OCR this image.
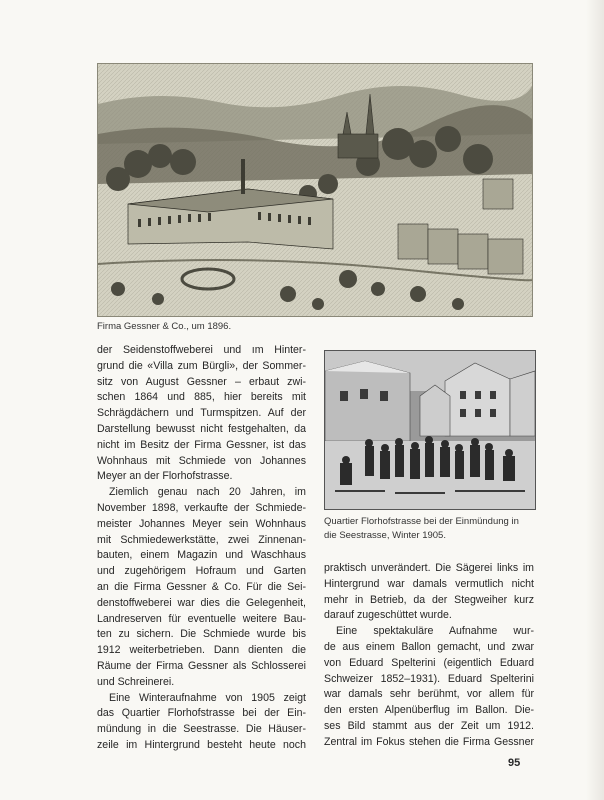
Firma Gessner & Co., um 1896.
Quartier Florhofstrasse bei der Einmündung in
die Seestrasse, Winter 1905.
der Seidenstoffweberei und ım Hinter-
grund die «Villa zum Bürgli», der Sommer-
sitz von August Gessner – erbaut zwi-
schen 1864 und 885, hier bereits mit
Schrägdächern und Turmspitzen. Auf der
Darstellung bewusst nicht festgehalten, da
nicht im Besitz der Firma Gessner, ist das
Wohnhaus mit Schmiede von Johannes
Meyer an der Florhofstrasse.
Ziemlich genau nach 20 Jahren, im
November 1898, verkaufte der Schmiede-
meister Johannes Meyer sein Wohnhaus
mit Schmiedewerkstätte, zwei Zinnenan-
bauten, einem Magazin und Waschhaus
und zugehörigem Hofraum und Garten
an die Firma Gessner & Co. Für die Sei-
denstoffweberei war dies die Gelegenheit,
Landreserven für eventuelle weitere Bau-
ten zu sichern. Die Schmiede wurde bis
1912 weiterbetrieben. Dann dienten die
Räume der Firma Gessner als Schlosserei
und Schreinerei.
Eine Winteraufnahme von 1905 zeigt
das Quartier Florhofstrasse bei der Ein-
mündung in die Seestrasse. Die Häuser-
zeile im Hintergrund besteht heute noch
praktisch unverändert. Die Sägerei links im
Hintergrund war damals vermutlich nicht
mehr in Betrieb, da der Stegweiher kurz
darauf zugeschüttet wurde.
Eine spektakuläre Aufnahme wur-
de aus einem Ballon gemacht, und zwar
von Eduard Spelterini (eigentlich Eduard
Schweizer 1852–1931). Eduard Spelterini
war damals sehr berühmt, vor allem für
den ersten Alpenüberflug im Ballon. Die-
ses Bild stammt aus der Zeit um 1912.
Zentral im Fokus stehen die Firma Gessner
95
